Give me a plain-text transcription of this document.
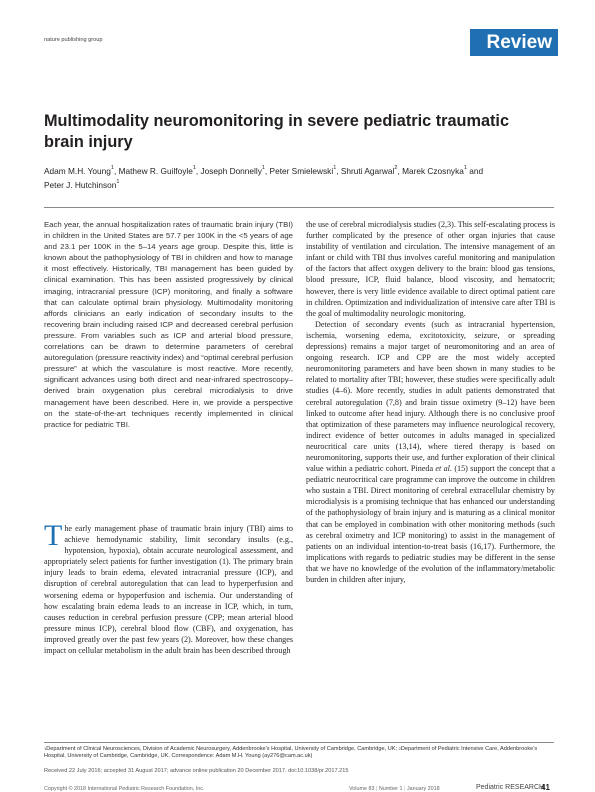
nature publishing group	Review
Multimodality neuromonitoring in severe pediatric traumatic brain injury
Adam M.H. Young$^1$, Mathew R. Guilfoyle$^1$, Joseph Donnelly$^1$, Peter Smielewski$^1$, Shruti Agarwal$^2$, Marek Czosnyka$^1$ and
Peter J. Hutchinson$^1$
Each year, the annual hospitalization rates of traumatic brain injury (TBI) in children in the United States are 57.7 per 100K in the <5 years of age and 23.1 per 100K in the 5–14 years age group. Despite this, little is known about the pathophysiology of TBI in children and how to manage it most effectively. Historically, TBI management has been guided by clinical examination. This has been assisted progressively by clinical imaging, intracranial pressure (ICP) monitoring, and finally a software that can calculate optimal brain physiology. Multimodality monitoring affords clinicians an early indication of secondary insults to the recovering brain including raised ICP and decreased cerebral perfusion pressure. From variables such as ICP and arterial blood pressure, correlations can be drawn to determine parameters of cerebral autoregulation (pressure reactivity index) and “optimal cerebral perfusion pressure” at which the vasculature is most reactive. More recently, significant advances using both direct and near-infrared spectroscopy–derived brain oxygenation plus cerebral microdialysis to drive management have been described. Here in, we provide a perspective on the state-of-the-art techniques recently implemented in clinical practice for pediatric TBI.

The early management phase of traumatic brain injury (TBI) aims to achieve hemodynamic stability, limit secondary insults (e.g., hypotension, hypoxia), obtain accurate neurological assessment, and appropriately select patients for further investigation (1). The primary brain injury leads to brain edema, elevated intracranial pressure (ICP), and disruption of cerebral autoregulation that can lead to hyperperfusion and worsening edema or hypoperfusion and ischemia. Our understanding of how escalating brain edema leads to an increase in ICP, which, in turn, causes reduction in cerebral perfusion pressure (CPP; mean arterial blood pressure minus ICP), cerebral blood flow (CBF), and oxygenation, has improved greatly over the past few years (2). Moreover, how these changes impact on cellular metabolism in the adult brain has been described through

the use of cerebral microdialysis studies (2,3). This self-escalating process is further complicated by the presence of other organ injuries that cause instability of ventilation and circulation. The intensive management of an infant or child with TBI thus involves careful monitoring and manipulation of the factors that affect oxygen delivery to the brain: blood gas tensions, blood pressure, ICP, fluid balance, blood viscosity, and hematocrit; however, there is very little evidence available to direct optimal patient care in children. Optimization and individualization of intensive care after TBI is the goal of multimodality neurologic monitoring.

Detection of secondary events (such as intracranial hypertension, ischemia, worsening edema, excitotoxicity, seizure, or spreading depressions) remains a major target of neuromonitoring and an area of ongoing research. ICP and CPP are the most widely accepted neuromonitoring parameters and have been shown in many studies to be related to mortality after TBI; however, these studies were specifically adult studies (4–6). More recently, studies in adult patients demonstrated that cerebral autoregulation (7,8) and brain tissue oximetry (9–12) have been linked to outcome after head injury. Although there is no conclusive proof that optimization of these parameters may influence neurological recovery, indirect evidence of better outcomes in adults managed in specialized neurocritical care units (13,14), where tiered therapy is based on neuromonitoring, supports their use, and further exploration of their clinical value within a pediatric cohort. Pineda et al. (15) support the concept that a pediatric neurocritical care programme can improve the outcome in children who sustain a TBI. Direct monitoring of cerebral extracellular chemistry by microdialysis is a promising technique that has enhanced our understanding of the pathophysiology of brain injury and is maturing as a clinical monitor that can be employed in combination with other monitoring methods (such as cerebral oximetry and ICP monitoring) to assist in the management of patients on an individual intention-to-treat basis (16,17). Furthermore, the implications with regards to pediatric studies may be different in the sense that we have no knowledge of the evolution of the inflammatory/metabolic burden in children after injury,

$^1$Department of Clinical Neurosciences, Division of Academic Neurosurgery, Addenbrooke’s Hospital, University of Cambridge, Cambridge, UK; $^2$Department of Pediatric Intensive Care, Addenbrooke’s Hospital, University of Cambridge, Cambridge, UK. Correspondence: Adam M.H. Young (ay276@cam.ac.uk)
Received 22 July 2016; accepted 31 August 2017; advance online publication 20 December 2017. doi:10.1038/pr.2017.215
Copyright © 2018 International Pediatric Research Foundation, Inc.	Volume 83 | Number 1 | January 2018	Pediatric RESEARCH
41
